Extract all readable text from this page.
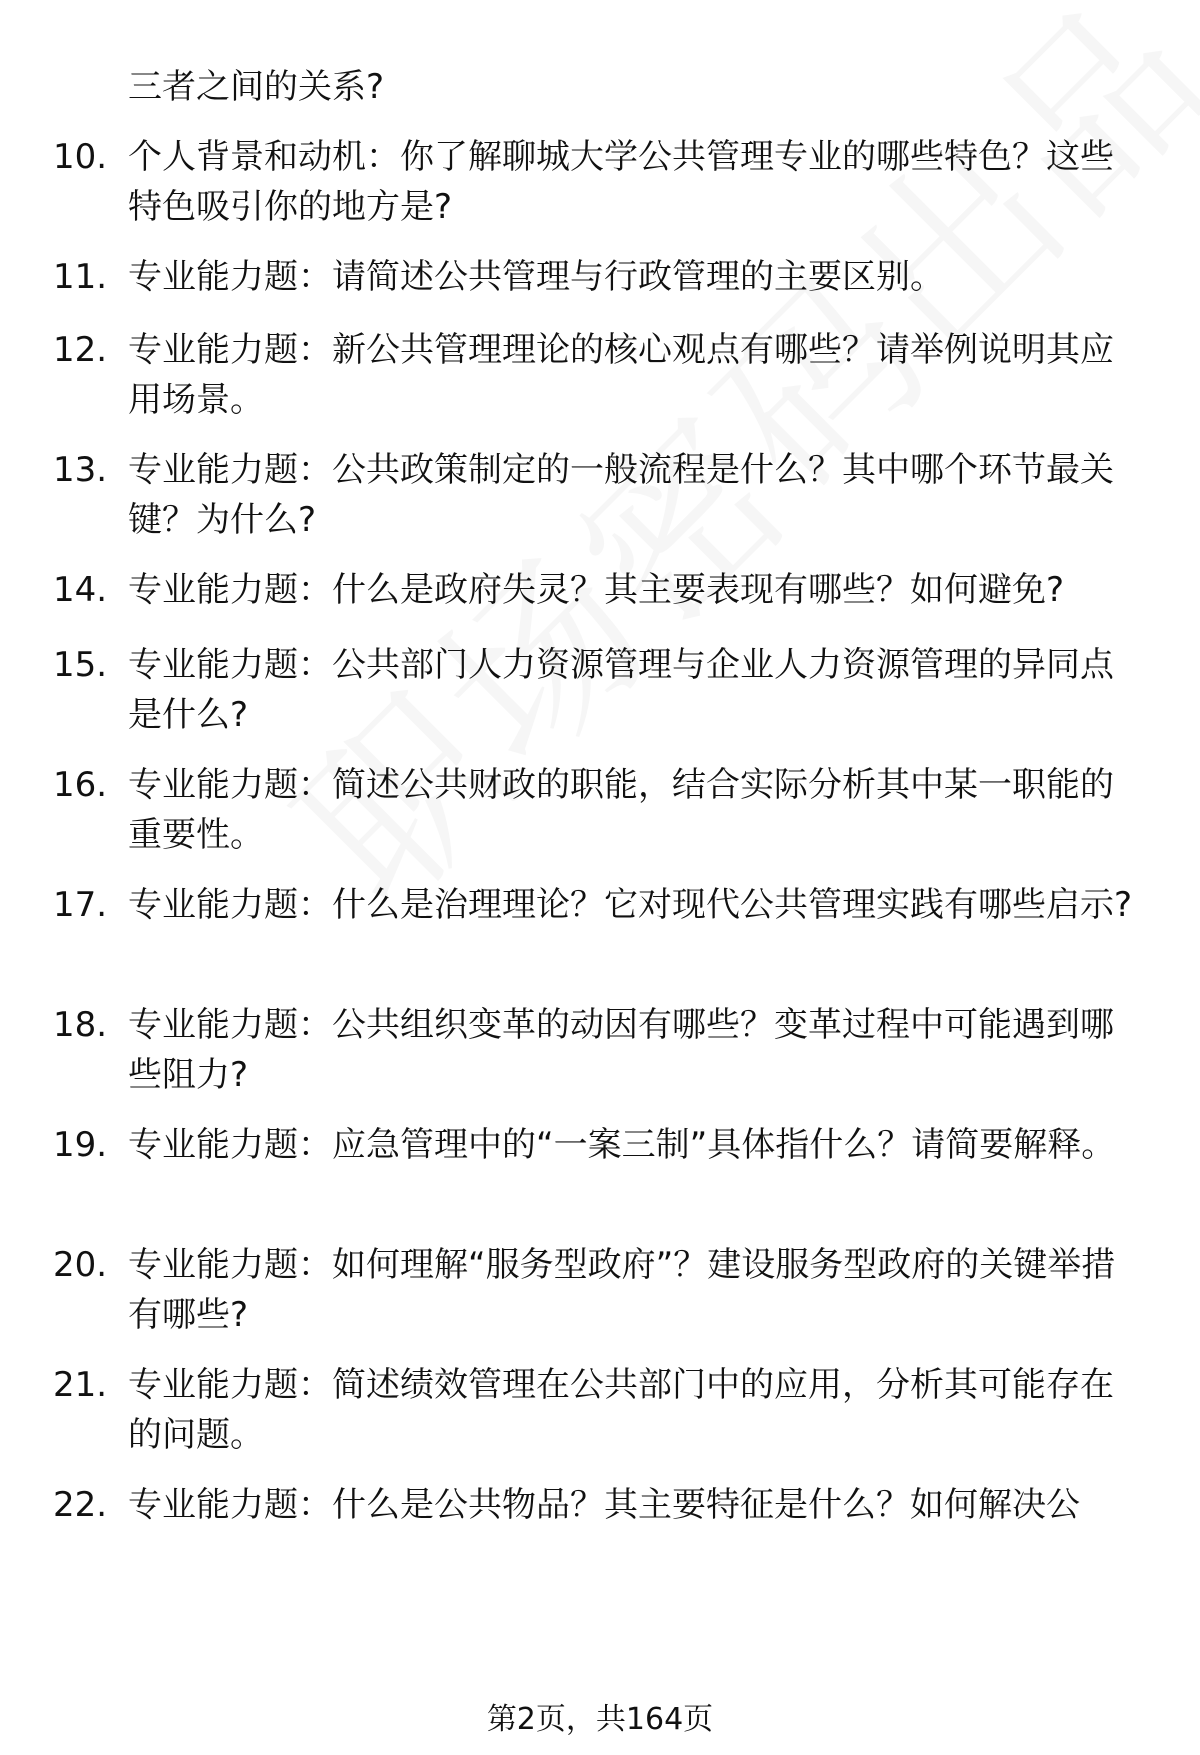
三者之间的关系?

10. 个人背景和动机：你了解聊城大学公共管理专业的哪些特色？这些特色吸引你的地方是?
11. 专业能力题：请简述公共管理与行政管理的主要区别。
12. 专业能力题：新公共管理理论的核心观点有哪些？请举例说明其应用场景。
13. 专业能力题：公共政策制定的一般流程是什么？其中哪个环节最关键？为什么?
14. 专业能力题：什么是政府失灵？其主要表现有哪些？如何避免?
15. 专业能力题：公共部门人力资源管理与企业人力资源管理的异同点是什么?
16. 专业能力题：简述公共财政的职能，结合实际分析其中某一职能的重要性。
17. 专业能力题：什么是治理理论？它对现代公共管理实践有哪些启示?
18. 专业能力题：公共组织变革的动因有哪些？变革过程中可能遇到哪些阻力?
19. 专业能力题：应急管理中的“一案三制”具体指什么？请简要解释。
20. 专业能力题：如何理解“服务型政府”？建设服务型政府的关键举措有哪些?
21. 专业能力题：简述绩效管理在公共部门中的应用，分析其可能存在的问题。
22. 专业能力题：什么是公共物品？其主要特征是什么？如何解决公
第2页，共164页
